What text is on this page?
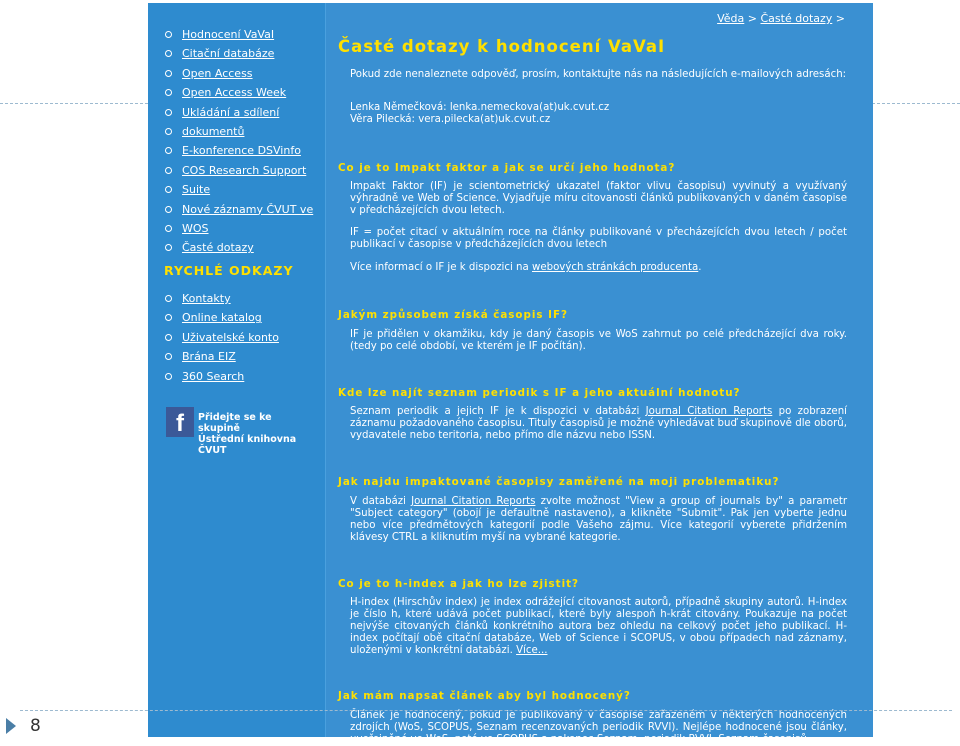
Hodnocení VaVaI
Citační databáze
Open Access
Open Access Week
Ukládání a sdílení
dokumentů
E-konference DSVinfo
COS Research Support
Suite
Nové záznamy ČVUT ve
WOS
Časté dotazy
RYCHLÉ ODKAZY
Kontakty
Online katalog
Uživatelské konto
Brána EIZ
360 Search
f	Přidejte se ke skupině
Ústřední knihovna ČVUT
Věda > Časté dotazy >
Časté dotazy k hodnocení VaVaI
Pokud zde nenaleznete odpověď, prosím, kontaktujte nás na následujících e-mailových adresách:
Lenka Němečková: lenka.nemeckova(at)uk.cvut.cz
Věra Pilecká: vera.pilecka(at)uk.cvut.cz
Co je to Impakt faktor a jak se určí jeho hodnota?
Impakt Faktor (IF) je scientometrický ukazatel (faktor vlivu časopisu) vyvinutý a využívaný výhradně ve Web of Science. Vyjadřuje míru citovanosti článků publikovaných v daném časopise v předcházejících dvou letech.
IF = počet citací v aktuálním roce na články publikované v přecházejících dvou letech / počet publikací v časopise v předcházejících dvou letech
Více informací o IF je k dispozici na webových stránkách producenta.
Jakým způsobem získá časopis IF?
IF je přidělen v okamžiku, kdy je daný časopis ve WoS zahrnut po celé předcházející dva roky. (tedy po celé období, ve kterém je IF počítán).
Kde lze najít seznam periodik s IF a jeho aktuální hodnotu?
Seznam periodik a jejich IF je k dispozici v databázi Journal Citation Reports po zobrazení záznamu požadovaného časopisu. Tituly časopisů je možné vyhledávat buď skupinově dle oborů, vydavatele nebo teritoria, nebo přímo dle názvu nebo ISSN.
Jak najdu impaktované časopisy zaměřené na moji problematiku?
V databázi Journal Citation Reports zvolte možnost "View a group of journals by" a parametr "Subject category" (obojí je defaultně nastaveno), a klikněte "Submit". Pak jen vyberte jednu nebo více předmětových kategorií podle Vašeho zájmu. Více kategorií vyberete přidržením klávesy CTRL a kliknutím myší na vybrané kategorie.
Co je to h-index a jak ho lze zjistit?
H-index (Hirschův index) je index odrážející citovanost autorů, případně skupiny autorů. H-index je číslo h, které udává počet publikací, které byly alespoň h-krát citovány. Poukazuje na počet nejvýše citovaných článků konkrétního autora bez ohledu na celkový počet jeho publikací. H-index počítají obě citační databáze, Web of Science i SCOPUS, v obou případech nad záznamy, uloženými v konkrétní databázi. Více...
Jak mám napsat článek aby byl hodnocený?
Článek je hodnocený, pokud je publikovaný v časopise zařazeném v některých hodnocených zdrojích (WoS, SCOPUS, Seznam recenzovaných periodik RVVI). Nejlépe hodnocené jsou články, uveřejněné ve WoS, poté ve SCOPUS a nakonec Seznam. periodik RVVI. Seznam časopisů
8
